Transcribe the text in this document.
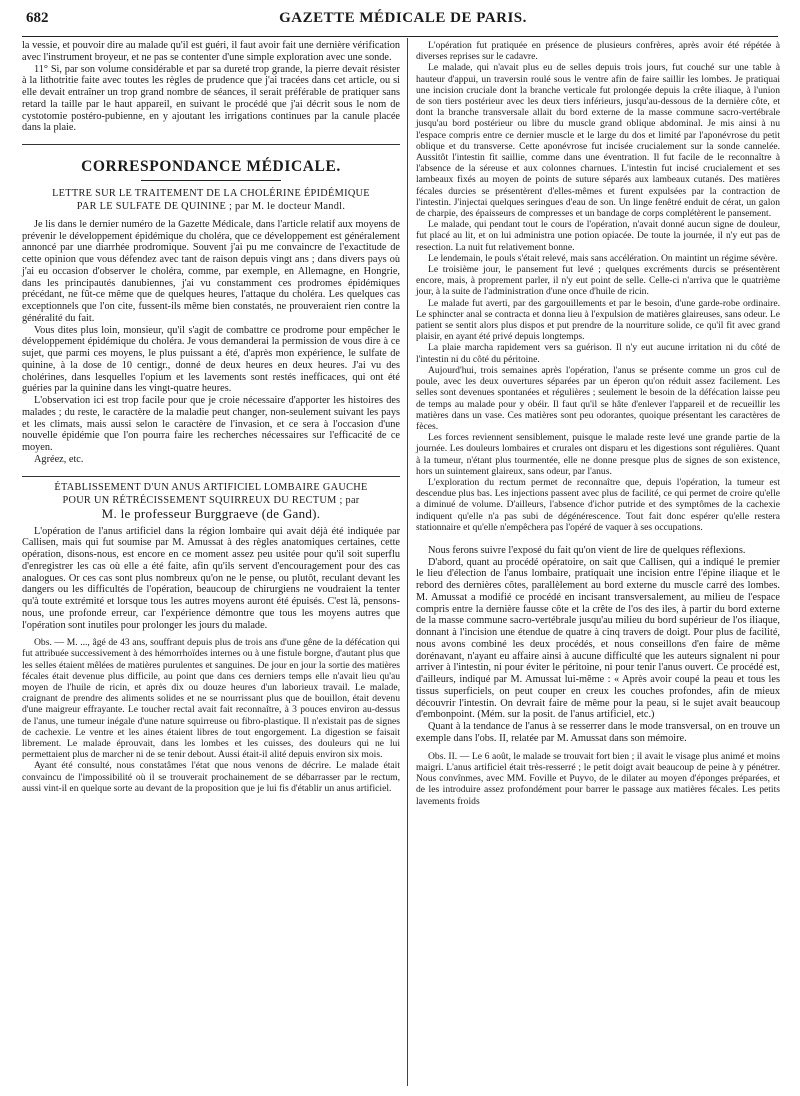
682	GAZETTE MÉDICALE DE PARIS.

la vessie, et pouvoir dire au malade qu'il est guéri, il faut avoir fait une dernière vérification avec l'instrument broyeur, et ne pas se contenter d'une simple exploration avec une sonde.

11° Si, par son volume considérable et par sa dureté trop grande, la pierre devait résister à la lithotritie faite avec toutes les règles de prudence que j'ai tracées dans cet article, ou si elle devait entraîner un trop grand nombre de séances, il serait préférable de pratiquer sans retard la taille par le haut appareil, en suivant le procédé que j'ai décrit sous le nom de cystotomie postéro-pubienne, en y ajoutant les irrigations continues par la canule placée dans la plaie.

CORRESPONDANCE MÉDICALE.
LETTRE SUR LE TRAITEMENT DE LA CHOLÉRINE ÉPIDÉMIQUE
PAR LE SULFATE DE QUININE ; par M. le docteur Mandl.

Je lis dans le dernier numéro de la Gazette Médicale, dans l'article relatif aux moyens de prévenir le développement épidémique du choléra, que ce développement est généralement annoncé par une diarrhée prodromique. Souvent j'ai pu me convaincre de l'exactitude de cette opinion que vous défendez avec tant de raison depuis vingt ans ; dans divers pays où j'ai eu occasion d'observer le choléra, comme, par exemple, en Allemagne, en Hongrie, dans les principautés danubiennes, j'ai vu constamment ces prodromes épidémiques précédant, ne fût-ce même que de quelques heures, l'attaque du choléra. Les quelques cas exceptionnels que l'on cite, fussent-ils même bien constatés, ne prouveraient rien contre la généralité du fait.

Vous dites plus loin, monsieur, qu'il s'agit de combattre ce prodrome pour empêcher le développement épidémique du choléra. Je vous demanderai la permission de vous dire à ce sujet, que parmi ces moyens, le plus puissant a été, d'après mon expérience, le sulfate de quinine, à la dose de 10 centigr., donné de deux heures en deux heures. J'ai vu des cholérines, dans lesquelles l'opium et les lavements sont restés inefficaces, qui ont été guéries par la quinine dans les vingt-quatre heures.

L'observation ici est trop facile pour que je croie nécessaire d'apporter les histoires des malades ; du reste, le caractère de la maladie peut changer, non-seulement suivant les pays et les climats, mais aussi selon le caractère de l'invasion, et ce sera à l'occasion d'une nouvelle épidémie que l'on pourra faire les recherches nécessaires sur l'efficacité de ce moyen.

Agréez, etc.

ÉTABLISSEMENT D'UN ANUS ARTIFICIEL LOMBAIRE GAUCHE
POUR UN RÉTRÉCISSEMENT SQUIRREUX DU RECTUM ; par
M. le professeur Burggraeve (de Gand).

L'opération de l'anus artificiel dans la région lombaire qui avait déjà été indiquée par Callisen, mais qui fut soumise par M. Amussat à des règles anatomiques certaines, cette opération, disons-nous, est encore en ce moment assez peu usitée pour qu'il soit superflu d'enregistrer les cas où elle a été faite, afin qu'ils servent d'encouragement pour des cas analogues. Or ces cas sont plus nombreux qu'on ne le pense, ou plutôt, reculant devant les dangers ou les difficultés de l'opération, beaucoup de chirurgiens ne voudraient la tenter qu'à toute extrémité et lorsque tous les autres moyens auront été épuisés. C'est là, pensons-nous, une profonde erreur, car l'expérience démontre que tous les moyens autres que l'opération sont inutiles pour prolonger les jours du malade.

Obs. — M. ..., âgé de 43 ans, souffrant depuis plus de trois ans d'une gêne de la défécation qui fut attribuée successivement à des hémorrhoïdes internes ou à une fistule borgne, d'autant plus que les selles étaient mêlées de matières purulentes et sanguines. De jour en jour la sortie des matières fécales était devenue plus difficile, au point que dans ces derniers temps elle n'avait lieu qu'au moyen de l'huile de ricin, et après dix ou douze heures d'un laborieux travail. Le malade, craignant de prendre des aliments solides et ne se nourrissant plus que de bouillon, était devenu d'une maigreur effrayante. Le toucher rectal avait fait reconnaître, à 3 pouces environ au-dessus de l'anus, une tumeur inégale d'une nature squirreuse ou fibro-plastique. Il n'existait pas de signes de cachexie. Le ventre et les aines étaient libres de tout engorgement. La digestion se faisait librement. Le malade éprouvait, dans les lombes et les cuisses, des douleurs qui ne lui permettaient plus de marcher ni de se tenir debout. Aussi était-il alité depuis environ six mois.

Ayant été consulté, nous constatâmes l'état que nous venons de décrire. Le malade était convaincu de l'impossibilité où il se trouverait prochainement de se débarrasser par le rectum, aussi vint-il en quelque sorte au devant de la proposition que je lui fis d'établir un anus artificiel.

L'opération fut pratiquée en présence de plusieurs confrères, après avoir été répétée à diverses reprises sur le cadavre.

Le malade, qui n'avait plus eu de selles depuis trois jours, fut couché sur une table à hauteur d'appui, un traversin roulé sous le ventre afin de faire saillir les lombes. Je pratiquai une incision cruciale dont la branche verticale fut prolongée depuis la crête iliaque, à l'union de son tiers postérieur avec les deux tiers inférieurs, jusqu'au-dessous de la dernière côte, et dont la branche transversale allait du bord externe de la masse commune sacro-vertébrale jusqu'au bord postérieur ou libre du muscle grand oblique abdominal. Je mis ainsi à nu l'espace compris entre ce dernier muscle et le large du dos et limité par l'aponévrose du petit oblique et du transverse. Cette aponévrose fut incisée crucialement sur la sonde cannelée. Aussitôt l'intestin fit saillie, comme dans une éventration. Il fut facile de le reconnaître à l'absence de la séreuse et aux colonnes charnues. L'intestin fut incisé crucialement et ses lambeaux fixés au moyen de points de suture séparés aux lambeaux cutanés. Des matières fécales durcies se présentèrent d'elles-mêmes et furent expulsées par la contraction de l'intestin. J'injectai quelques seringues d'eau de son. Un linge fenêtré enduit de cérat, un galon de charpie, des épaisseurs de compresses et un bandage de corps complétèrent le pansement.

Le malade, qui pendant tout le cours de l'opération, n'avait donné aucun signe de douleur, fut placé au lit, et on lui administra une potion opiacée. De toute la journée, il n'y eut pas de resection. La nuit fut relativement bonne.

Le lendemain, le pouls s'était relevé, mais sans accélération. On maintint un régime sévère.

Le troisième jour, le pansement fut levé ; quelques excréments durcis se présentèrent encore, mais, à proprement parler, il n'y eut point de selle. Celle-ci n'arriva que le quatrième jour, à la suite de l'administration d'une once d'huile de ricin.

Le malade fut averti, par des gargouillements et par le besoin, d'une garde-robe ordinaire. Le sphincter anal se contracta et donna lieu à l'expulsion de matières glaireuses, sans odeur. Le patient se sentit alors plus dispos et put prendre de la nourriture solide, ce qu'il fit avec grand plaisir, en ayant été privé depuis longtemps.

La plaie marcha rapidement vers sa guérison. Il n'y eut aucune irritation ni du côté de l'intestin ni du côté du péritoine.

Aujourd'hui, trois semaines après l'opération, l'anus se présente comme un gros cul de poule, avec les deux ouvertures séparées par un éperon qu'on réduit assez facilement. Les selles sont devenues spontanées et régulières ; seulement le besoin de la défécation laisse peu de temps au malade pour y obéir. Il faut qu'il se hâte d'enlever l'appareil et de recueillir les matières dans un vase. Ces matières sont peu odorantes, quoique présentant les caractères de fèces.

Les forces reviennent sensiblement, puisque le malade reste levé une grande partie de la journée. Les douleurs lombaires et crurales ont disparu et les digestions sont régulières. Quant à la tumeur, n'étant plus tourmentée, elle ne donne presque plus de signes de son existence, hors un suintement glaireux, sans odeur, par l'anus.

L'exploration du rectum permet de reconnaître que, depuis l'opération, la tumeur est descendue plus bas. Les injections passent avec plus de facilité, ce qui permet de croire qu'elle a diminué de volume. D'ailleurs, l'absence d'ichor putride et des symptômes de la cachexie indiquent qu'elle n'a pas subi de dégénérescence. Tout fait donc espérer qu'elle restera stationnaire et qu'elle n'empêchera pas l'opéré de vaquer à ses occupations.

Nous ferons suivre l'exposé du fait qu'on vient de lire de quelques réflexions.

D'abord, quant au procédé opératoire, on sait que Callisen, qui a indiqué le premier le lieu d'élection de l'anus lombaire, pratiquait une incision entre l'épine iliaque et le rebord des dernières côtes, parallèlement au bord externe du muscle carré des lombes. M. Amussat a modifié ce procédé en incisant transversalement, au milieu de l'espace compris entre la dernière fausse côte et la crête de l'os des iles, à partir du bord externe de la masse commune sacro-vertébrale jusqu'au milieu du bord supérieur de l'os iliaque, donnant à l'incision une étendue de quatre à cinq travers de doigt. Pour plus de facilité, nous avons combiné les deux procédés, et nous conseillons d'en faire de même dorénavant, n'ayant eu affaire ainsi à aucune difficulté que les auteurs signalent ni pour arriver à l'intestin, ni pour éviter le péritoine, ni pour tenir l'anus ouvert. Ce procédé est, d'ailleurs, indiqué par M. Amussat lui-même : « Après avoir coupé la peau et tous les tissus superficiels, on peut couper en creux les couches profondes, afin de mieux découvrir l'intestin. On devrait faire de même pour la peau, si le sujet avait beaucoup d'embonpoint. (Mém. sur la posit. de l'anus artificiel, etc.)

Quant à la tendance de l'anus à se resserrer dans le mode transversal, on en trouve un exemple dans l'obs. II, relatée par M. Amussat dans son mémoire.

Obs. II. — Le 6 août, le malade se trouvait fort bien ; il avait le visage plus animé et moins maigri. L'anus artificiel était très-resserré ; le petit doigt avait beaucoup de peine à y pénétrer. Nous convînmes, avec MM. Foville et Puyvo, de le dilater au moyen d'éponges préparées, et de les introduire assez profondément pour barrer le passage aux matières fécales. Les petits lavements froids
